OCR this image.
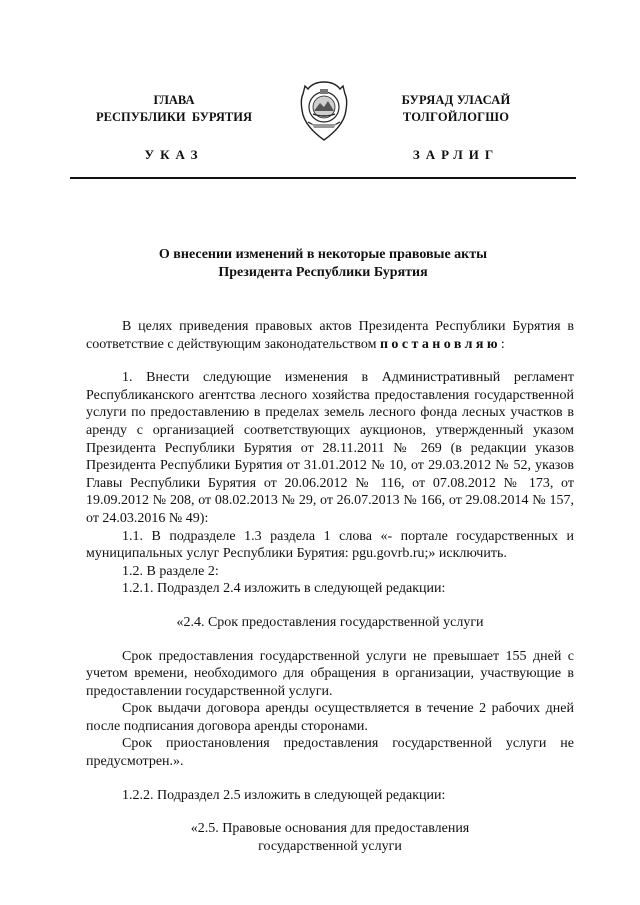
ГЛАВА
РЕСПУБЛИКИ  БУРЯТИЯ
УКАЗ
БУРЯАД УЛАСАЙ
ТОЛГОЙЛОГШО
ЗАРЛИГ
О внесении изменений в некоторые правовые акты
Президента Республики Бурятия

В целях приведения правовых актов Президента Республики Бурятия в соответствие с действующим законодательством постановляю:

1. Внести следующие изменения в Административный регламент Республиканского агентства лесного хозяйства предоставления государственной услуги по предоставлению в пределах земель лесного фонда лесных участков в аренду с организацией соответствующих аукционов, утвержденный указом Президента Республики Бурятия от 28.11.2011 № 269 (в редакции указов Президента Республики Бурятия от 31.01.2012 № 10, от 29.03.2012 № 52, указов Главы Республики Бурятия от 20.06.2012 № 116, от 07.08.2012 № 173, от 19.09.2012 № 208, от 08.02.2013 № 29, от 26.07.2013 № 166, от 29.08.2014 № 157, от 24.03.2016 № 49):

1.1. В подразделе 1.3 раздела 1 слова «- портале государственных и муниципальных услуг Республики Бурятия: pgu.govrb.ru;» исключить.

1.2. В разделе 2:

1.2.1. Подраздел 2.4 изложить в следующей редакции:

«2.4. Срок предоставления государственной услуги

Срок предоставления государственной услуги не превышает 155 дней с учетом времени, необходимого для обращения в организации, участвующие в предоставлении государственной услуги.

Срок выдачи договора аренды осуществляется в течение 2 рабочих дней после подписания договора аренды сторонами.

Срок приостановления предоставления государственной услуги не предусмотрен.».

1.2.2. Подраздел 2.5 изложить в следующей редакции:

«2.5. Правовые основания для предоставления

государственной услуги
